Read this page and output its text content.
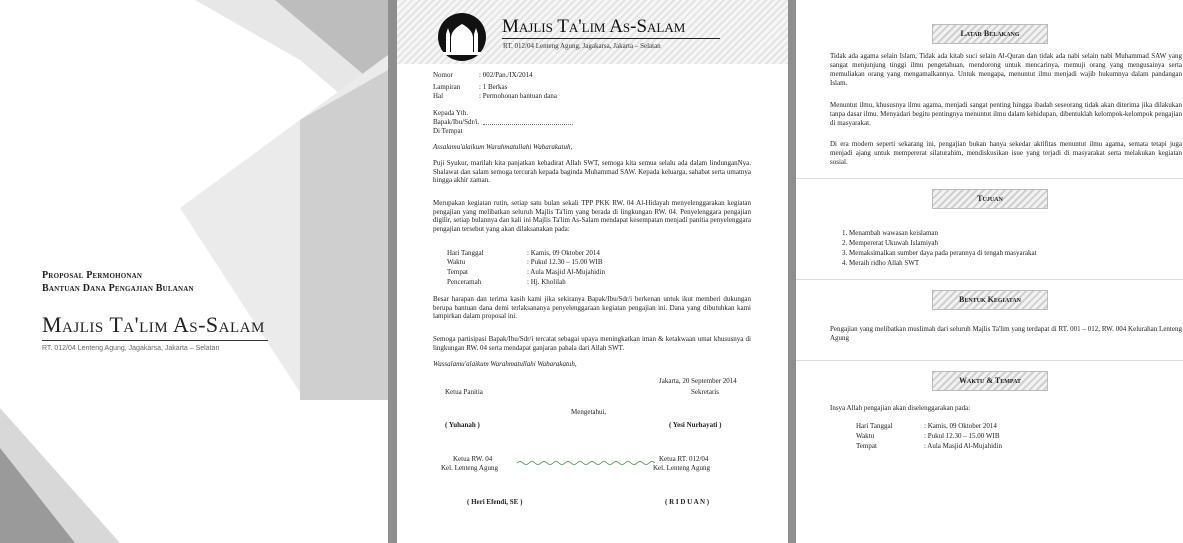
Proposal Permohonan
Bantuan Dana Pengajian Bulanan
Majlis Ta'lim As-Salam
RT. 012/04 Lenteng Agung, Jagakarsa, Jakarta – Selatan
Majlis Ta'lim As-Salam
RT. 012/04 Lenteng Agung, Jagakarsa, Jakarta – Selatan
Nomor	: 002/Pan./IX/2014
Lampiran	: 1 Berkas
Hal	: Permohonan bantuan dana
Kepada Yth.
Bapak/Ibu/Sdr/i.
Di Tempat
Assalamu'alaikum Warahmatullahi Wabarakatuh,
Puji Syukur, marilah kita panjatkan kehadirat Allah SWT, semoga kita semua selalu ada dalam lindunganNya. Shalawat dan salam semoga tercurah kepada baginda Muhammad SAW. Kepada keluarga, sahabat serta umatnya hingga akhir zaman.
Merupakan kegiatan rutin, setiap satu bulan sekali TPP PKK RW. 04 Al-Hidayah menyelenggarakan kegiatan pengajian yang melibatkan seluruh Majlis Ta'lim yang berada di lingkungan RW. 04. Penyelenggara pengajian digilir, setiap bulannya dan kali ini Majlis Ta'lim As-Salam mendapat kesempatan menjadi panitia penyelenggara pengajian tersebut yang akan dilaksanakan pada:
Hari Tanggal	: Kamis, 09 Oktober 2014
Waktu	: Pukul 12.30 – 15.00 WIB
Tempat	: Aula Masjid Al-Mujahidin
Penceramah	: Hj. Kholilah
Besar harapan dan terima kasih kami jika sekiranya Bapak/Ibu/Sdr/i berkenan untuk ikut memberi dukungan berupa bantuan dana demi terlaksananya penyelenggaraan kegiatan pengajian ini. Dana yang dibutuhkan kami lampirkan dalam proposal ini.
Semoga partisipasi Bapak/Ibu/Sdr/i tercatat sebagai upaya meningkatkan iman & ketakwaan umat khususnya di lingkungan RW. 04 serta mendapat ganjaran pahala dari Allah SWT.
Wassalamu'alaikum Warahmatullahi Wabarakatuh,
Jakarta, 20 September 2014
Ketua Panitia	Sekretaris
Mengetahui,
( Yuhanah )	( Yesi Nurhayati )
Ketua RW. 04
Kel. Lenteng Agung
Ketua RT. 012/04
Kel. Lenteng Agung
( Heri Efendi, SE )	( R I D U A N )
Latar Belakang
Tidak ada agama selain Islam, Tidak ada kitab suci selain Al-Quran dan tidak ada nabi selain nabi Muhammad SAW yang sangat menjunjung tinggi ilmu pengetahuan, mendorong untuk mencarinya, memuji orang yang mengusainya serta memuliakan orang yang mengamalkannya. Untuk mengapa, menuntut ilmu menjadi wajib hukumnya dalam pandangan Islam.
Menuntut ilmu, khususnya ilmu agama, menjadi sangat penting hingga ibadah seseorang tidak akan diterima jika dilakukan tanpa dasar ilmu. Menyadari begitu pentingnya menuntut ilmu dalam kehidupan, dibentuklah kelompok-kelompok pengajian di masyarakat.
Di era modern seperti sekarang ini, pengajian bukan hanya sekedar aktifitas menuntut ilmu agama, semata tetapi juga menjadi ajang untuk mempererat silaturahim, mendiskusikan isue yang terjadi di masyarakat serta melakukan kegiatan sosial.
Tujuan
1. Menambah wawasan keislaman
2. Mempererat Ukuwah Islamiyah
3. Memaksimalkan sumber daya pada perannya di tengah masyarakat
4. Meraih ridho Allah SWT
Bentuk Kegiatan
Pengajian yang melibatkan muslimah dari seluruh Majlis Ta'lim yang terdapat di RT. 001 – 012, RW. 004 Kelurahan Lenteng Agung
Waktu & Tempat
Insya Allah pengajian akan diselenggarakan pada:
Hari Tanggal	: Kamis, 09 Oktober 2014
Waktu	: Pukul 12.30 – 15.00 WIB
Tempat	: Aula Masjid Al-Mujahidin
